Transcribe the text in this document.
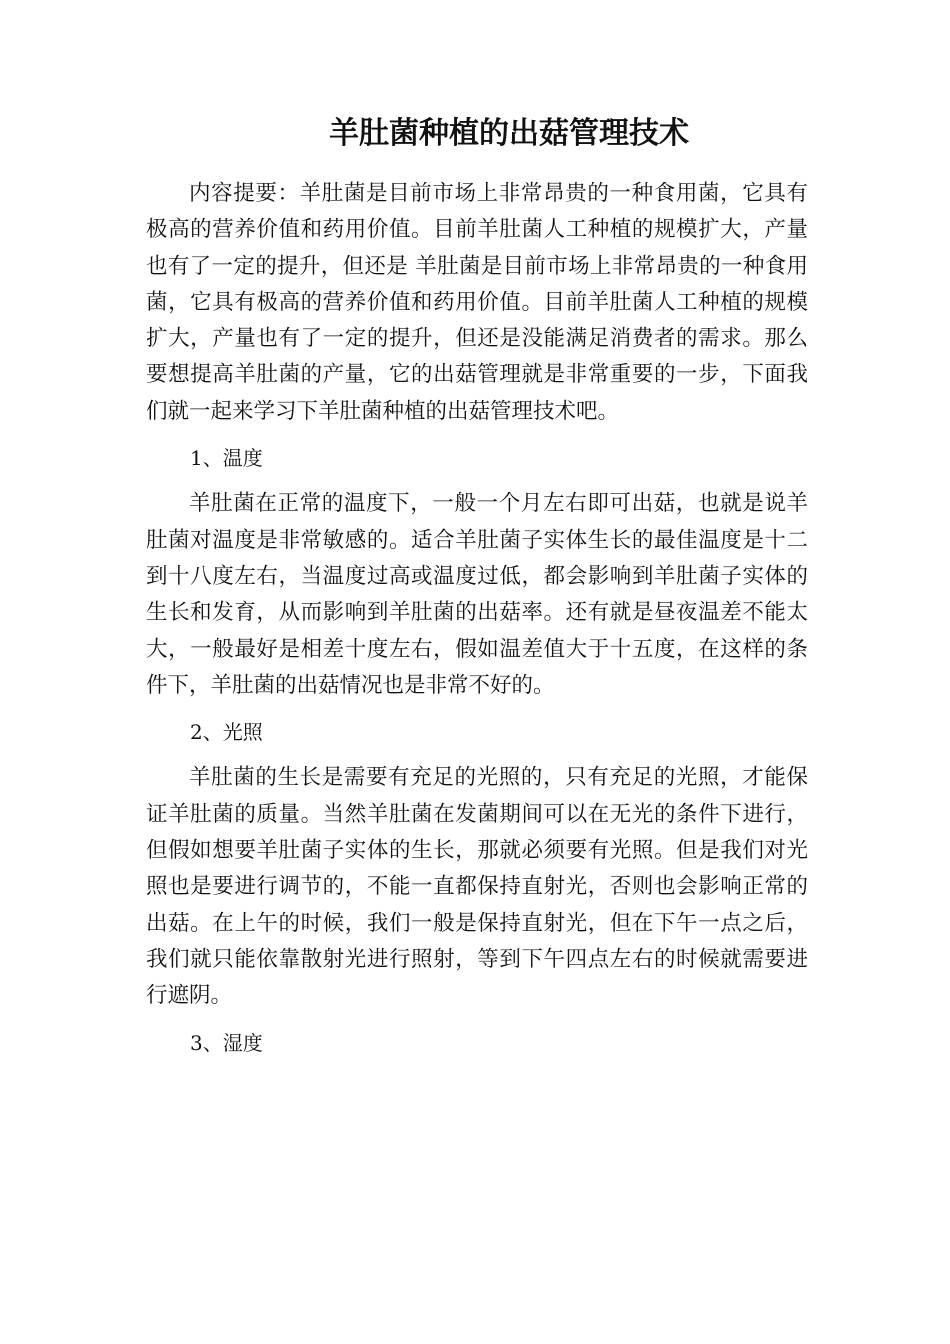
羊肚菌种植的出菇管理技术

内容提要：羊肚菌是目前市场上非常昂贵的一种食用菌，它具有极高的营养价值和药用价值。目前羊肚菌人工种植的规模扩大，产量也有了一定的提升，但还是 羊肚菌是目前市场上非常昂贵的一种食用菌，它具有极高的营养价值和药用价值。目前羊肚菌人工种植的规模扩大，产量也有了一定的提升，但还是没能满足消费者的需求。那么要想提高羊肚菌的产量，它的出菇管理就是非常重要的一步，下面我们就一起来学习下羊肚菌种植的出菇管理技术吧。

1、温度

羊肚菌在正常的温度下，一般一个月左右即可出菇，也就是说羊肚菌对温度是非常敏感的。适合羊肚菌子实体生长的最佳温度是十二到十八度左右，当温度过高或温度过低，都会影响到羊肚菌子实体的生长和发育，从而影响到羊肚菌的出菇率。还有就是昼夜温差不能太大，一般最好是相差十度左右，假如温差值大于十五度，在这样的条件下，羊肚菌的出菇情况也是非常不好的。

2、光照

羊肚菌的生长是需要有充足的光照的，只有充足的光照，才能保证羊肚菌的质量。当然羊肚菌在发菌期间可以在无光的条件下进行，但假如想要羊肚菌子实体的生长，那就必须要有光照。但是我们对光照也是要进行调节的，不能一直都保持直射光，否则也会影响正常的出菇。在上午的时候，我们一般是保持直射光，但在下午一点之后，我们就只能依靠散射光进行照射，等到下午四点左右的时候就需要进行遮阴。

3、湿度
